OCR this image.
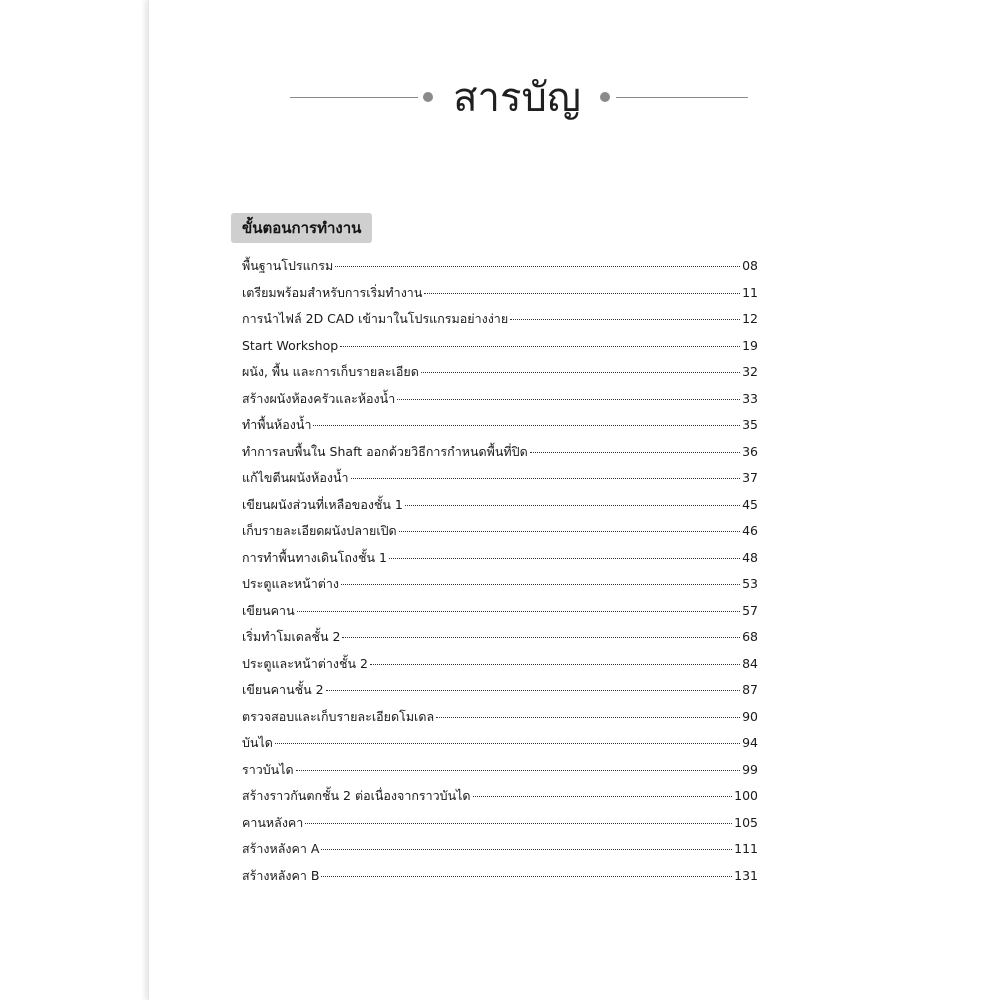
สารบัญ
ขั้นตอนการทำงาน
พื้นฐานโปรแกรม	08
เตรียมพร้อมสำหรับการเริ่มทำงาน	11
การนำไฟล์ 2D CAD เข้ามาในโปรแกรมอย่างง่าย	12
Start Workshop	19
ผนัง, พื้น และการเก็บรายละเอียด	32
สร้างผนังห้องครัวและห้องน้ำ	33
ทำพื้นห้องน้ำ	35
ทำการลบพื้นใน Shaft ออกด้วยวิธีการกำหนดพื้นที่ปิด	36
แก้ไขตีนผนังห้องน้ำ	37
เขียนผนังส่วนที่เหลือของชั้น 1	45
เก็บรายละเอียดผนังปลายเปิด	46
การทำพื้นทางเดินโถงชั้น 1	48
ประตูและหน้าต่าง	53
เขียนคาน	57
เริ่มทำโมเดลชั้น 2	68
ประตูและหน้าต่างชั้น 2	84
เขียนคานชั้น 2	87
ตรวจสอบและเก็บรายละเอียดโมเดล	90
บันได	94
ราวบันได	99
สร้างราวกันตกชั้น 2 ต่อเนื่องจากราวบันได	100
คานหลังคา	105
สร้างหลังคา A	111
สร้างหลังคา B	131
